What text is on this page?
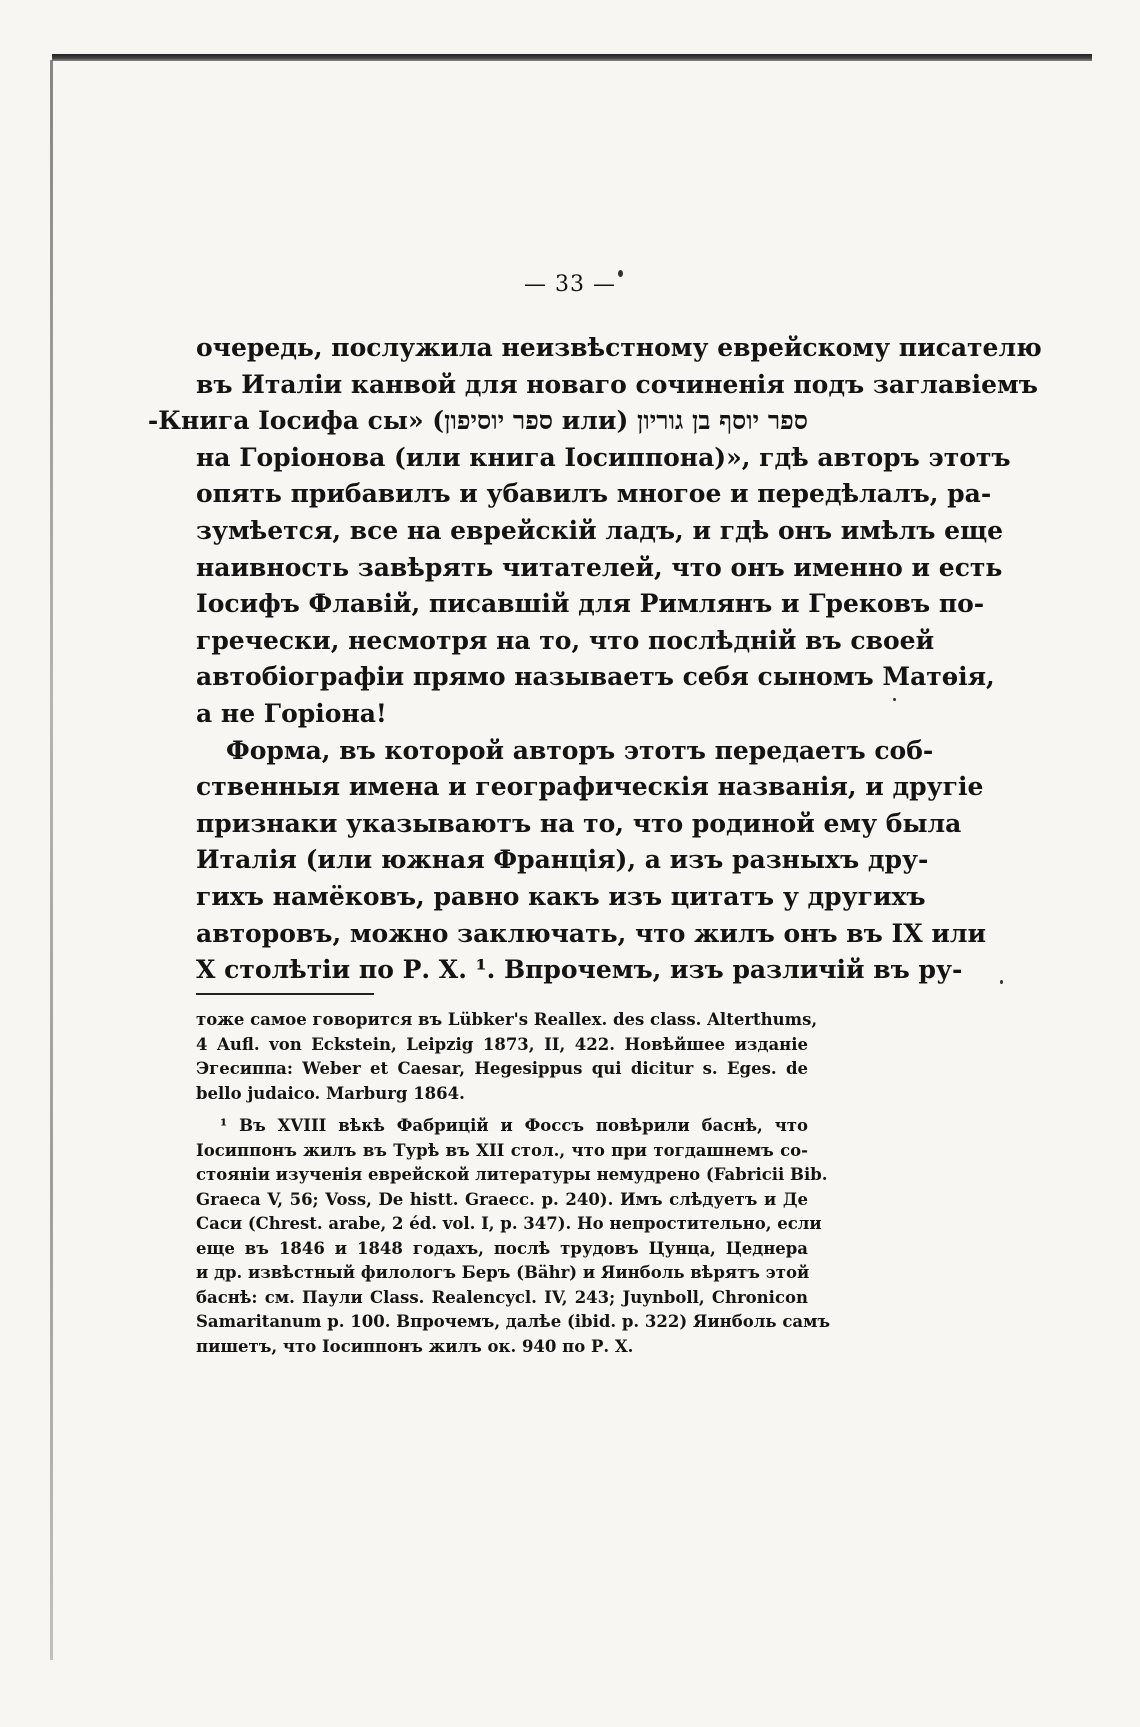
— 33 —
очередь, послужила неизвѣстному еврейскому писателю
въ Италіи канвой для новаго сочиненія подъ заглавіемъ
ספר יוסף בן גוריון (или ספר יוסיפון) «Книга Іосифа сы-
на Горіонова (или книга Іосиппона)», гдѣ авторъ этотъ
опять прибавилъ и убавилъ многое и передѣлалъ, ра-
зумѣется, все на еврейскій ладъ, и гдѣ онъ имѣлъ еще
наивность завѣрять читателей, что онъ именно и есть
Іосифъ Флавій, писавшій для Римлянъ и Грековъ по-
гречески, несмотря на то, что послѣдній въ своей
автобіографіи прямо называетъ себя сыномъ Матѳія,
а не Горіона!
Форма, въ которой авторъ этотъ передаетъ соб-
ственныя имена и географическія названія, и другіе
признаки указываютъ на то, что родиной ему была
Италія (или южная Франція), а изъ разныхъ дру-
гихъ намёковъ, равно какъ изъ цитатъ у другихъ
авторовъ, можно заключать, что жилъ онъ въ IX или
X столѣтіи по Р. X. ¹. Впрочемъ, изъ различій въ ру-
тоже самое говорится въ Lübker's Reallex. des class. Alterthums,
4 Aufl. von Eckstein, Leipzig 1873, II, 422. Новѣйшее изданіе
Эгесиппа: Weber et Caesar, Hegesippus qui dicitur s. Eges. de
bello judaico. Marburg 1864.
¹ Въ XVIII вѣкѣ Фабрицій и Фоссъ повѣрили баснѣ, что
Іосиппонъ жилъ въ Турѣ въ XII стол., что при тогдашнемъ со-
стояніи изученія еврейской литературы немудрено (Fabricii Bib.
Graeca V, 56; Voss, De histt. Graecc. p. 240). Имъ слѣдуетъ и Де
Саси (Chrest. arabe, 2 éd. vol. I, p. 347). Но непростительно, если
еще въ 1846 и 1848 годахъ, послѣ трудовъ Цунца, Цеднера
и др. извѣстный филологъ Беръ (Bähr) и Яинболь вѣрятъ этой
баснѣ: см. Паули Class. Realencycl. IV, 243; Juynboll, Chronicon
Samaritanum p. 100. Впрочемъ, далѣе (ibid. p. 322) Яинболь самъ
пишетъ, что Іосиппонъ жилъ ок. 940 по Р. X.
